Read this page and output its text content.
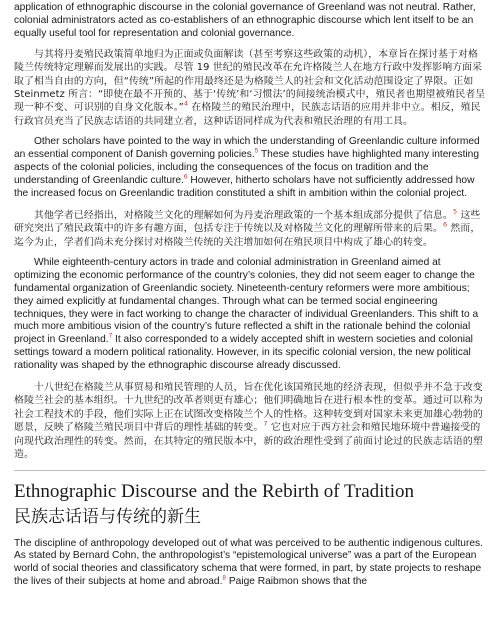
application of ethnographic discourse in the colonial governance of Greenland was not neutral. Rather, colonial administrators acted as co-establishers of an ethnographic discourse which lent itself to be an equally useful tool for representation and colonial governance.

与其将丹麦殖民政策简单地归为正面或负面解读（甚至考察这些政策的动机），本章旨在探讨基于对格陵兰传统特定理解而发展出的实践。尽管 19 世纪的殖民改革在允许格陵兰人在地方行政中发挥影响方面采取了相当自由的方向，但“传统”所起的作用最终还是为格陵兰人的社会和文化活动范围设定了界限。正如 Steinmetz 所言：“即使在最不开预的、基于‘传统’和‘习惯法’的间接统治模式中，殖民者也期望被殖民者呈现一种不变、可识别的自身文化版本。”$^4$ 在格陵兰的殖民治理中，民族志话语的应用并非中立。相反，殖民行政官员充当了民族志话语的共同建立者，这种话语同样成为代表和殖民治理的有用工具。

Other scholars have pointed to the way in which the understanding of Greenlandic culture informed an essential component of Danish governing policies.$^5$ These studies have highlighted many interesting aspects of the colonial policies, including the consequences of the focus on tradition and the understanding of Greenlandic culture.$^6$ However, hitherto scholars have not sufficiently addressed how the increased focus on Greenlandic tradition constituted a shift in ambition within the colonial project.

其他学者已经指出，对格陵兰文化的理解如何为丹麦治理政策的一个基本组成部分提供了信息。$^5$ 这些研究突出了殖民政策中的许多有趣方面，包括专注于传统以及对格陵兰文化的理解所带来的后果。$^6$ 然而，迄今为止，学者们尚未充分探讨对格陵兰传统的关注增加如何在殖民项目中构成了雄心的转变。

While eighteenth-century actors in trade and colonial administration in Greenland aimed at optimizing the economic performance of the country’s colonies, they did not seem eager to change the fundamental organization of Greenlandic society. Nineteenth-century reformers were more ambitious; they aimed explicitly at fundamental changes. Through what can be termed social engineering techniques, they were in fact working to change the character of individual Greenlanders. This shift to a much more ambitious vision of the country’s future reflected a shift in the rationale behind the colonial project in Greenland.$^7$ It also corresponded to a widely accepted shift in western societies and colonial settings toward a modern political rationality. However, in its specific colonial version, the new political rationality was shaped by the ethnographic discourse already discussed.

十八世纪在格陵兰从事贸易和殖民管理的人员，旨在优化该国殖民地的经济表现，但似乎并不急于改变格陵兰社会的基本组织。十九世纪的改革者则更有雄心；他们明确地旨在进行根本性的变革。通过可以称为社会工程技术的手段，他们实际上正在试图改变格陵兰个人的性格。这种转变到对国家未来更加雄心勃勃的愿景，反映了格陵兰殖民项目中背后的理性基础的转变。$^7$ 它也对应于西方社会和殖民地环境中普遍接受的向现代政治理性的转变。然而，在其特定的殖民版本中，新的政治理性受到了前面讨论过的民族志话语的塑造。

Ethnographic Discourse and the Rebirth of Tradition
民族志话语与传统的新生

The discipline of anthropology developed out of what was perceived to be authentic indigenous cultures. As stated by Bernard Cohn, the anthropologist’s “epistemological universe” was a part of the European world of social theories and classificatory schema that were formed, in part, by state projects to reshape the lives of their subjects at home and abroad.$^8$ Paige Raibmon shows that the
